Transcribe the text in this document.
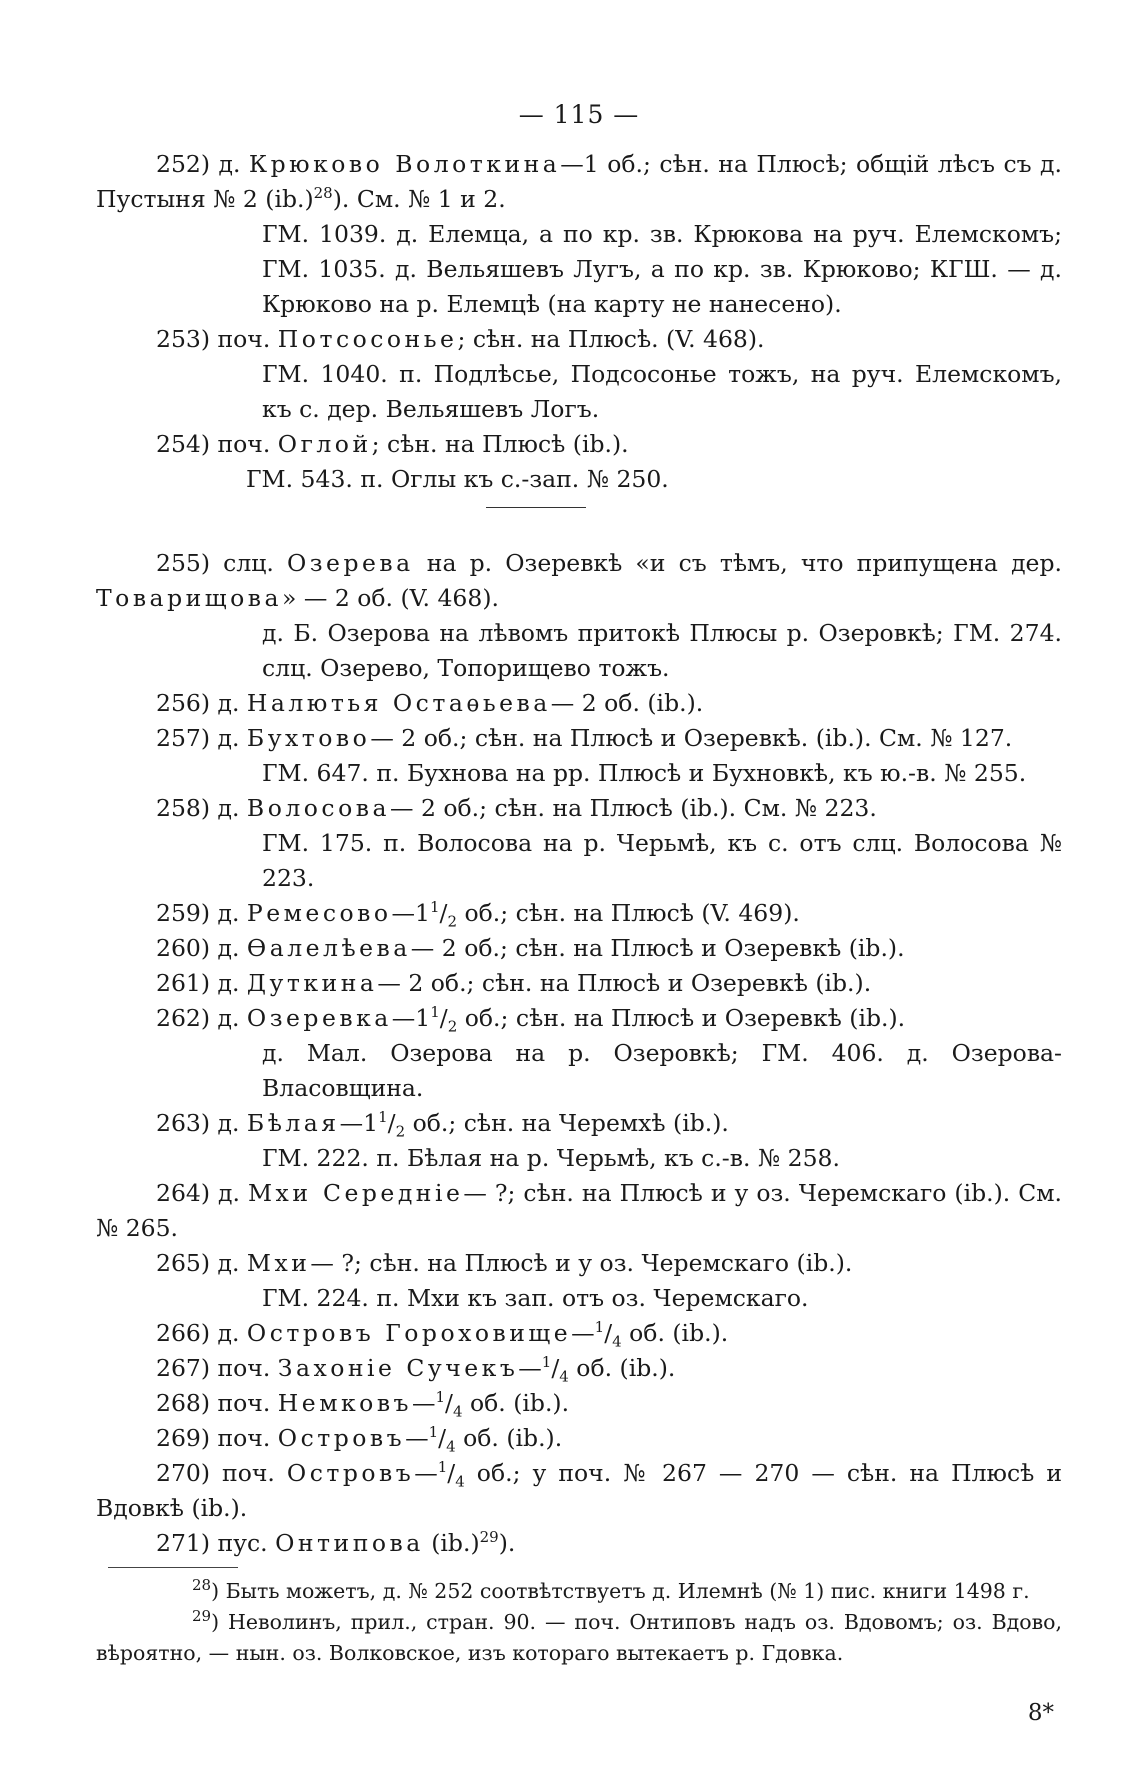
— 115 —

252) д. Крюково Волоткина—1 об.; сѣн. на Плюсѣ; общій лѣсъ съ д. Пустыня № 2 $(ib.)^{28}$). См. № 1 и 2.

ГМ. 1039. д. Елемца, а по кр. зв. Крюкова на руч. Елемскомъ; ГМ. 1035. д. Вельяшевъ Лугъ, а по кр. зв. Крюково; КГШ. — д. Крюково на р. Елемцѣ (на карту не нанесено).

253) поч. Потсосонье; сѣн. на Плюсѣ. (V. 468).

ГМ. 1040. п. Подлѣсье, Подсосонье тожъ, на руч. Елемскомъ, къ с. дер. Вельяшевъ Логъ.

254) поч. Оглой; сѣн. на Плюсѣ (ib.).

ГМ. 543. п. Оглы къ с.-зап. № 250.

255) слц. Озерева на р. Озеревкѣ «и съ тѣмъ, что припущена дер. Товарищова» — 2 об. (V. 468).

д. Б. Озерова на лѣвомъ притокѣ Плюсы р. Озеровкѣ; ГМ. 274. слц. Озерево, Топорищево тожъ.

256) д. Налютья Остаѳьева— 2 об. (ib.).

257) д. Бухтово— 2 об.; сѣн. на Плюсѣ и Озеревкѣ. (ib.). См. № 127.

ГМ. 647. п. Бухнова на рр. Плюсѣ и Бухновкѣ, къ ю.-в. № 255.

258) д. Волосова— 2 об.; сѣн. на Плюсѣ (ib.). См. № 223.

ГМ. 175. п. Волосова на р. Черьмѣ, къ с. отъ слц. Волосова № 223.

259) д. $Ремесово—1^1/_2$ об.; сѣн. на Плюсѣ (V. 469).

260) д. Ѳалелѣева— 2 об.; сѣн. на Плюсѣ и Озеревкѣ (ib.).

261) д. Дуткина— 2 об.; сѣн. на Плюсѣ и Озеревкѣ (ib.).

262) д. $Озеревка—1^1/_2$ об.; сѣн. на Плюсѣ и Озеревкѣ (ib.).

д. Мал. Озерова на р. Озеровкѣ; ГМ. 406. д. Озерова-Власовщина.

263) д. $Бѣлая—1^1/_2$ об.; сѣн. на Черемхѣ (ib.).

ГМ. 222. п. Бѣлая на р. Черьмѣ, къ с.-в. № 258.

264) д. Мхи Середніе— ?; сѣн. на Плюсѣ и у оз. Черемскаго (ib.). См. № 265.

265) д. Мхи— ?; сѣн. на Плюсѣ и у оз. Черемскаго (ib.).

ГМ. 224. п. Мхи къ зап. отъ оз. Черемскаго.

266) д. Островъ $Гороховище—^1/_4$ об. (ib.).

267) поч. Захоніе $Сучекъ—^1/_4$ об. (ib.).

268) поч. $Немковъ—^1/_4$ об. (ib.).

269) поч. $Островъ—^1/_4$ об. (ib.).

270) поч. $Островъ—^1/_4$ об.; у поч. № 267 — 270 — сѣн. на Плюсѣ и Вдовкѣ (ib.).

271) пус. Онтипова $(ib.)^{29}$).

$^{28}$) Быть можетъ, д. № 252 соотвѣтствуетъ д. Илемнѣ (№ 1) пис. книги 1498 г.

$^{29}$) Неволинъ, прил., стран. 90. — поч. Онтиповъ надъ оз. Вдовомъ; оз. Вдово, вѣроятно, — нын. оз. Волковское, изъ котораго вытекаетъ р. Гдовка.

8*
